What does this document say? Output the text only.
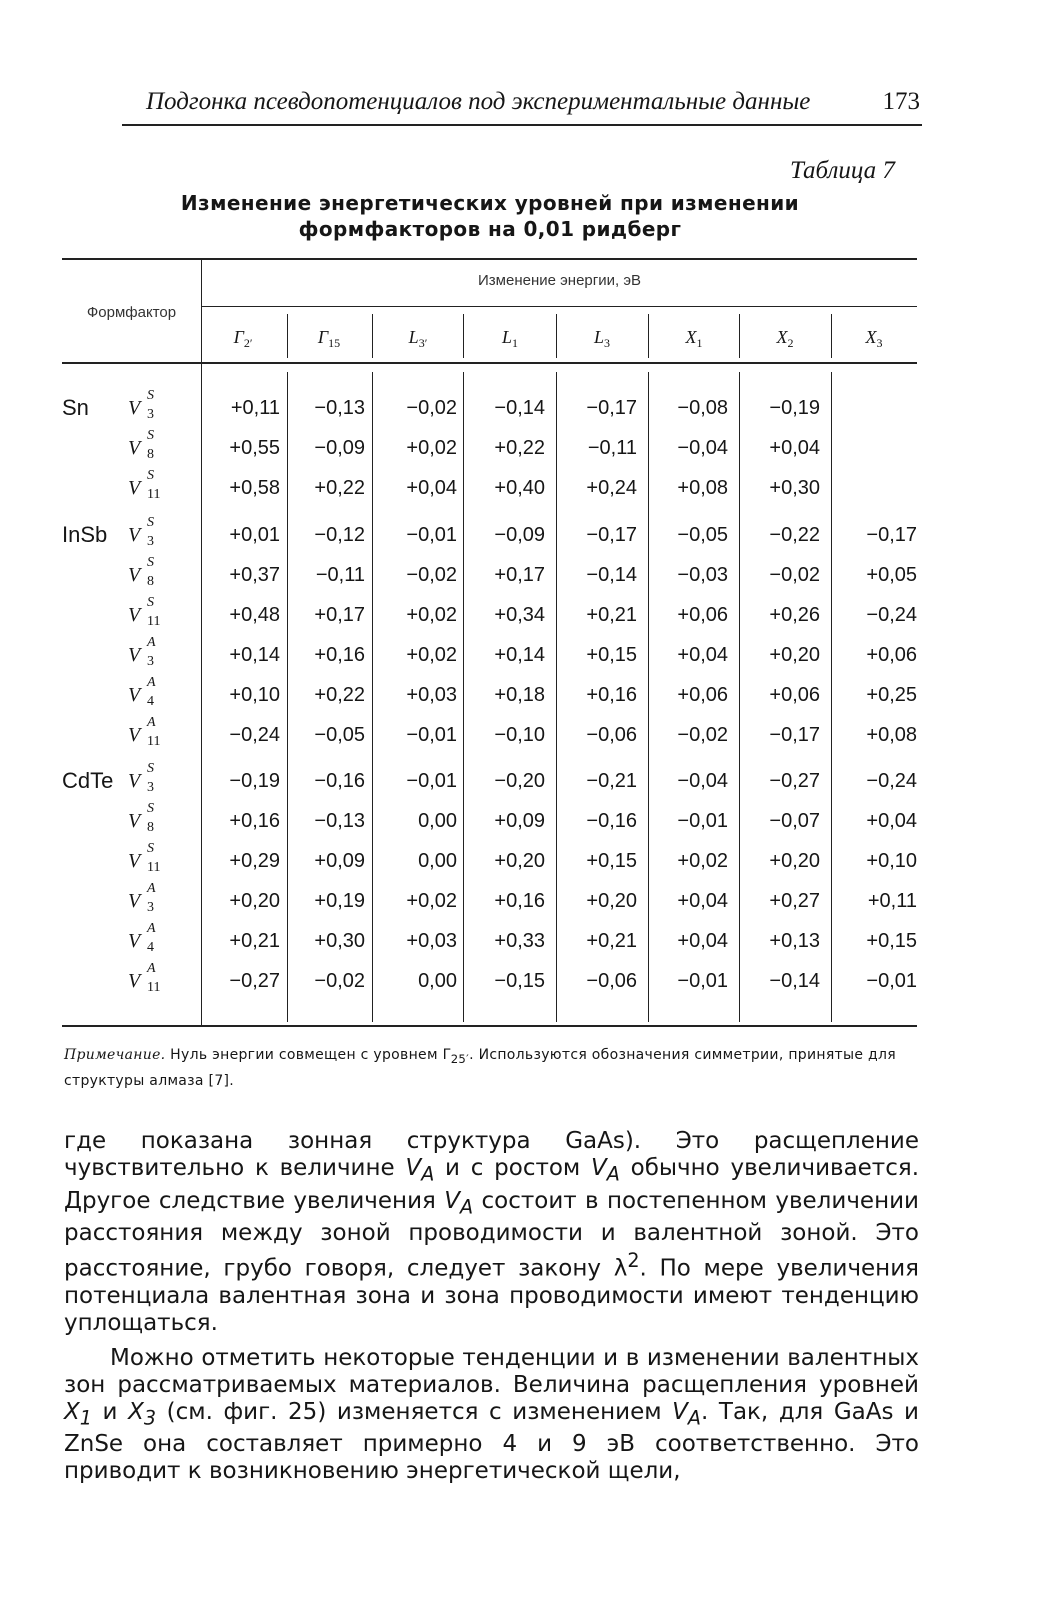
Подгонка псевдопотенциалов под экспериментальные данные	173
Таблица 7
Изменение энергетических уровней при изменении
формфакторов на 0,01 ридберг
Изменение энергии, эВ
Формфактор
$\Gamma_{2'}$	$\Gamma_{15}$	$L_{3'}$	$L_1$	$L_3$	$X_1$	$X_2$	$X_3$
Sn V
S
3	+0,11	−0,13	−0,02	−0,14	−0,17	−0,08	−0,19
V
S
8	+0,55	−0,09	+0,02	+0,22	−0,11	−0,04	+0,04
V
S
11	+0,58	+0,22	+0,04	+0,40	+0,24	+0,08	+0,30
InSb V
S
3	+0,01	−0,12	−0,01	−0,09	−0,17	−0,05	−0,22	−0,17
V
S
8	+0,37	−0,11	−0,02	+0,17	−0,14	−0,03	−0,02	+0,05
V
S
11	+0,48	+0,17	+0,02	+0,34	+0,21	+0,06	+0,26	−0,24
V
A
3	+0,14	+0,16	+0,02	+0,14	+0,15	+0,04	+0,20	+0,06
V
A
4	+0,10	+0,22	+0,03	+0,18	+0,16	+0,06	+0,06	+0,25
V
A
11	−0,24	−0,05	−0,01	−0,10	−0,06	−0,02	−0,17	+0,08
CdTe V
S
3	−0,19	−0,16	−0,01	−0,20	−0,21	−0,04	−0,27	−0,24
V
S
8	+0,16	−0,13	0,00	+0,09	−0,16	−0,01	−0,07	+0,04
V
S
11	+0,29	+0,09	0,00	+0,20	+0,15	+0,02	+0,20	+0,10
V
A
3	+0,20	+0,19	+0,02	+0,16	+0,20	+0,04	+0,27	+0,11
V
A
4	+0,21	+0,30	+0,03	+0,33	+0,21	+0,04	+0,13	+0,15
V
A
11	−0,27	−0,02	0,00	−0,15	−0,06	−0,01	−0,14	−0,01
Примечание. Нуль энергии совмещен с уровнем $\Gamma_{25'}$. Используются обозначения симметрии, принятые для структуры алмаза [7].

где показана зонная структура GaAs). Это расщепление чувствительно к величине $V_A$ и с ростом $V_A$ обычно увеличивается. Другое следствие увеличения $V_A$ состоит в постепенном увеличении расстояния между зоной проводимости и валентной зоной. Это расстояние, грубо говоря, следует закону $\lambda^2$. По мере увеличения потенциала валентная зона и зона проводимости имеют тенденцию уплощаться.

Можно отметить некоторые тенденции и в изменении валентных зон рассматриваемых материалов. Величина расщепления уровней $X_1$ и $X_3$ (см. фиг. 25) изменяется с изменением $V_A$. Так, для GaAs и ZnSe она составляет примерно 4 и 9 эВ соответственно. Это приводит к возникновению энергетической щели,
